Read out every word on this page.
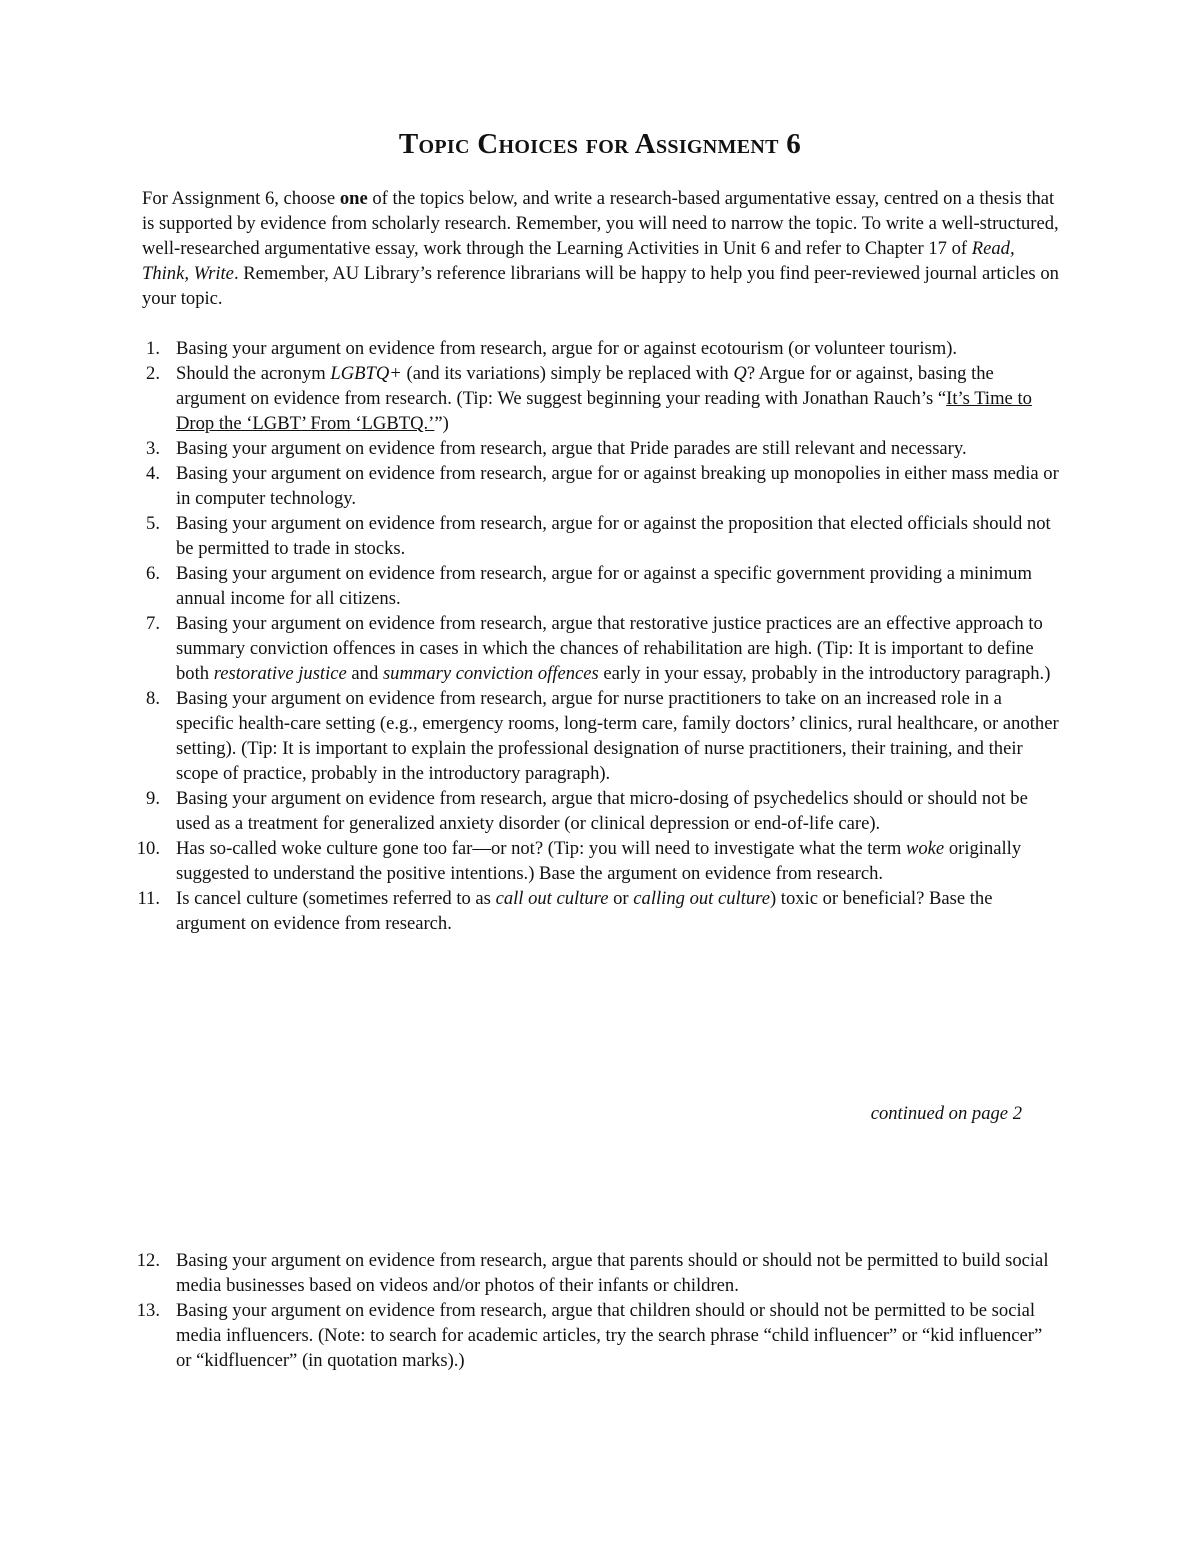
Topic Choices for Assignment 6

For Assignment 6, choose one of the topics below, and write a research-based argumentative essay, centred on a thesis that is supported by evidence from scholarly research. Remember, you will need to narrow the topic. To write a well-structured, well-researched argumentative essay, work through the Learning Activities in Unit 6 and refer to Chapter 17 of Read, Think, Write. Remember, AU Library’s reference librarians will be happy to help you find peer-reviewed journal articles on your topic.

1. Basing your argument on evidence from research, argue for or against ecotourism (or volunteer tourism).
2. Should the acronym LGBTQ+ (and its variations) simply be replaced with Q? Argue for or against, basing the argument on evidence from research. (Tip: We suggest beginning your reading with Jonathan Rauch’s “It’s Time to Drop the ‘LGBT’ From ‘LGBTQ.’”)
3. Basing your argument on evidence from research, argue that Pride parades are still relevant and necessary.
4. Basing your argument on evidence from research, argue for or against breaking up monopolies in either mass media or in computer technology.
5. Basing your argument on evidence from research, argue for or against the proposition that elected officials should not be permitted to trade in stocks.
6. Basing your argument on evidence from research, argue for or against a specific government providing a minimum annual income for all citizens.
7. Basing your argument on evidence from research, argue that restorative justice practices are an effective approach to summary conviction offences in cases in which the chances of rehabilitation are high. (Tip: It is important to define both restorative justice and summary conviction offences early in your essay, probably in the introductory paragraph.)
8. Basing your argument on evidence from research, argue for nurse practitioners to take on an increased role in a specific health-care setting (e.g., emergency rooms, long-term care, family doctors’ clinics, rural healthcare, or another setting). (Tip: It is important to explain the professional designation of nurse practitioners, their training, and their scope of practice, probably in the introductory paragraph).
9. Basing your argument on evidence from research, argue that micro-dosing of psychedelics should or should not be used as a treatment for generalized anxiety disorder (or clinical depression or end-of-life care).
10. Has so-called woke culture gone too far—or not? (Tip: you will need to investigate what the term woke originally suggested to understand the positive intentions.) Base the argument on evidence from research.
11. Is cancel culture (sometimes referred to as call out culture or calling out culture) toxic or beneficial? Base the argument on evidence from research.

continued on page 2

12. Basing your argument on evidence from research, argue that parents should or should not be permitted to build social media businesses based on videos and/or photos of their infants or children.
13. Basing your argument on evidence from research, argue that children should or should not be permitted to be social media influencers. (Note: to search for academic articles, try the search phrase “child influencer” or “kid influencer” or “kidfluencer” (in quotation marks).)
